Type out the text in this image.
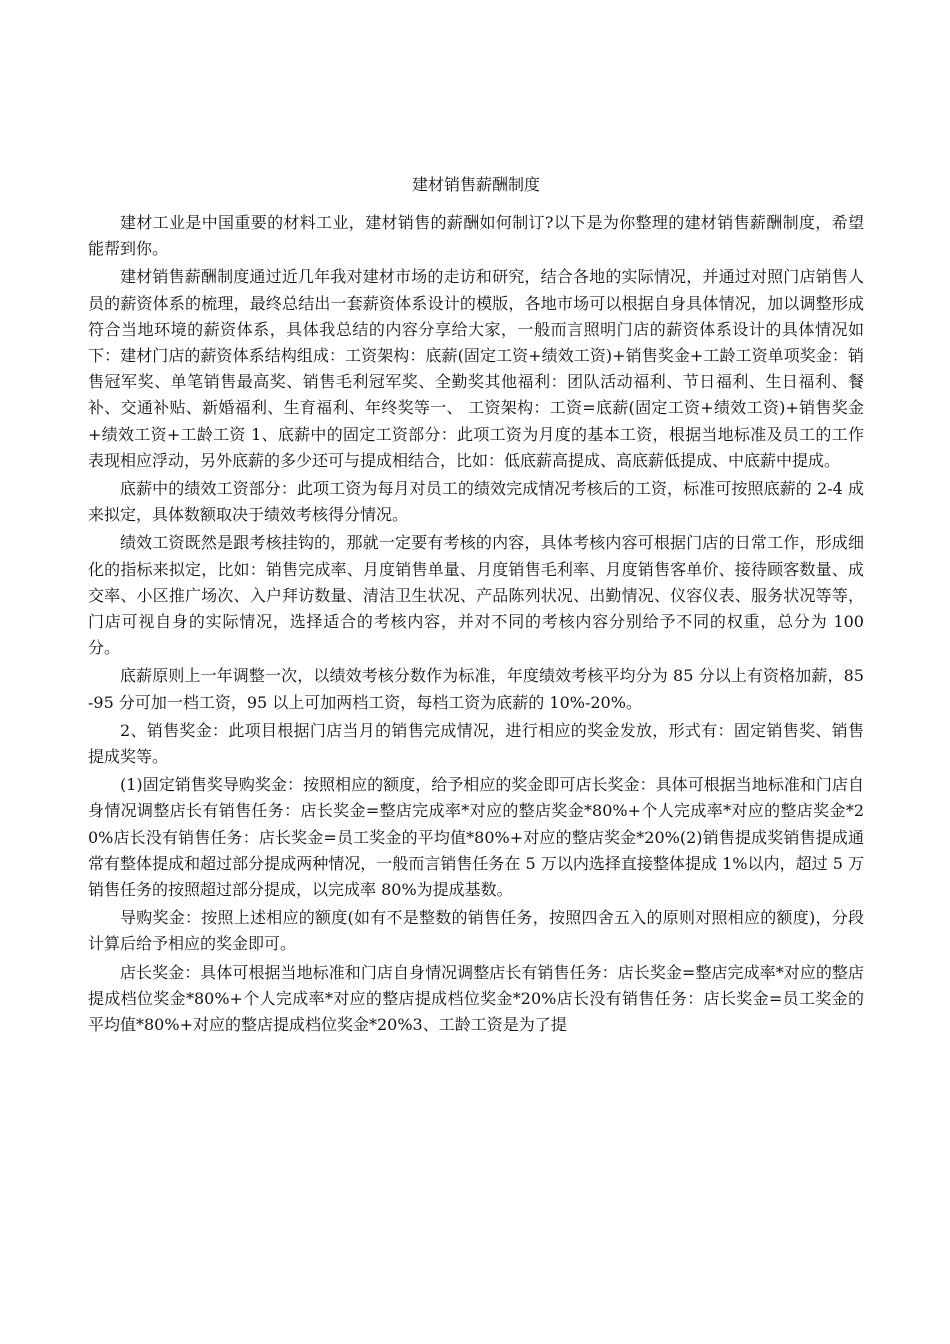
建材销售薪酬制度

建材工业是中国重要的材料工业，建材销售的薪酬如何制订?以下是为你整理的建材销售薪酬制度，希望能帮到你。

建材销售薪酬制度通过近几年我对建材市场的走访和研究，结合各地的实际情况，并通过对照门店销售人员的薪资体系的梳理，最终总结出一套薪资体系设计的模版，各地市场可以根据自身具体情况，加以调整形成符合当地环境的薪资体系，具体我总结的内容分享给大家，一般而言照明门店的薪资体系设计的具体情况如下：建材门店的薪资体系结构组成：工资架构：底薪(固定工资+绩效工资)+销售奖金+工龄工资单项奖金：销售冠军奖、单笔销售最高奖、销售毛利冠军奖、全勤奖其他福利：团队活动福利、节日福利、生日福利、餐补、交通补贴、新婚福利、生育福利、年终奖等一、 工资架构：工资=底薪(固定工资+绩效工资)+销售奖金+绩效工资+工龄工资 1、底薪中的固定工资部分：此项工资为月度的基本工资，根据当地标准及员工的工作表现相应浮动，另外底薪的多少还可与提成相结合，比如：低底薪高提成、高底薪低提成、中底薪中提成。

底薪中的绩效工资部分：此项工资为每月对员工的绩效完成情况考核后的工资，标准可按照底薪的 2-4 成来拟定，具体数额取决于绩效考核得分情况。

绩效工资既然是跟考核挂钩的，那就一定要有考核的内容，具体考核内容可根据门店的日常工作，形成细化的指标来拟定，比如：销售完成率、月度销售单量、月度销售毛利率、月度销售客单价、接待顾客数量、成交率、小区推广场次、入户拜访数量、清洁卫生状况、产品陈列状况、出勤情况、仪容仪表、服务状况等等，门店可视自身的实际情况，选择适合的考核内容，并对不同的考核内容分别给予不同的权重，总分为 100 分。

底薪原则上一年调整一次，以绩效考核分数作为标准，年度绩效考核平均分为 85 分以上有资格加薪，85-95 分可加一档工资，95 以上可加两档工资，每档工资为底薪的 10%-20%。

2、销售奖金：此项目根据门店当月的销售完成情况，进行相应的奖金发放，形式有：固定销售奖、销售提成奖等。

(1)固定销售奖导购奖金：按照相应的额度，给予相应的奖金即可店长奖金：具体可根据当地标准和门店自身情况调整店长有销售任务：店长奖金=整店完成率*对应的整店奖金*80%+个人完成率*对应的整店奖金*20%店长没有销售任务：店长奖金=员工奖金的平均值*80%+对应的整店奖金*20%(2)销售提成奖销售提成通常有整体提成和超过部分提成两种情况，一般而言销售任务在 5 万以内选择直接整体提成 1%以内，超过 5 万销售任务的按照超过部分提成，以完成率 80%为提成基数。

导购奖金：按照上述相应的额度(如有不是整数的销售任务，按照四舍五入的原则对照相应的额度)，分段计算后给予相应的奖金即可。

店长奖金：具体可根据当地标准和门店自身情况调整店长有销售任务：店长奖金=整店完成率*对应的整店提成档位奖金*80%+个人完成率*对应的整店提成档位奖金*20%店长没有销售任务：店长奖金=员工奖金的平均值*80%+对应的整店提成档位奖金*20%3、工龄工资是为了提
